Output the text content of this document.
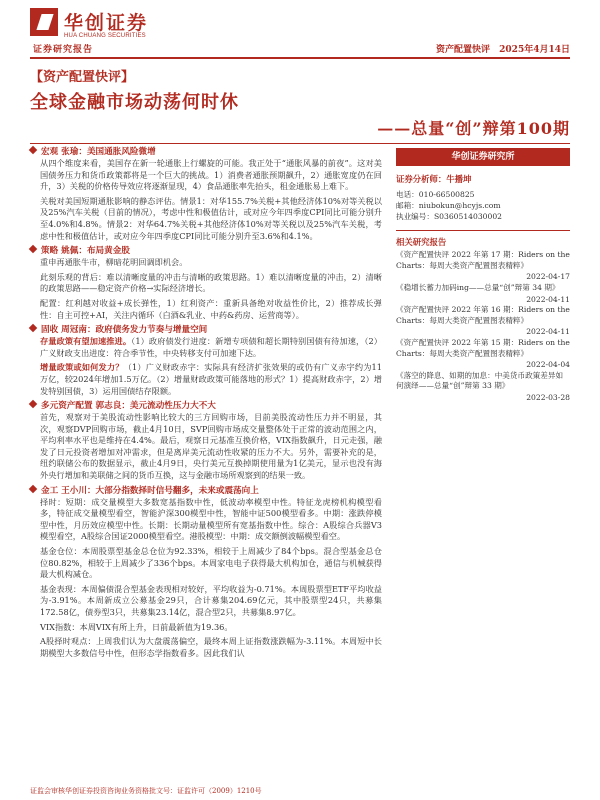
华创证券
HUA CHUANG SECURITIES
证券研究报告	资产配置快评 2025年4月14日
【资产配置快评】
全球金融市场动荡何时休
——总量“创”辩第100期
宏观 张瑜：美国通胀风险微增

从四个维度来看，美国存在新一轮通胀上行螺旋的可能。我正处于“通胀风暴的前夜”。这对美国债务压力和货币政策都将是一个巨大的挑战。1）消费者通胀预期飙升，2）通胀宽度仍在回升，3）关税的价格传导效应将逐渐显现，4）食品通胀率先抬头，租金通胀易上难下。

关税对美国短期通胀影响的静态评估。情景1：对华155.7%关税+其他经济体10%对等关税以及25%汽车关税（目前的情况），考虑中性和极值估计，或对应今年四季度CPI同比可能分别升至4.0%和4.8%。情景2：对华64.7%关税+其他经济体10%对等关税以及25%汽车关税，考虑中性和极值估计，或对应今年四季度CPI同比可能分别升至3.6%和4.1%。

策略 姚佩：布局黄金股

重申再通胀牛市，柳暗花明回调即机会。

此刻乐观的背后：难以清晰度量的冲击与清晰的政策思路。1）难以清晰度量的冲击，2）清晰的政策思路——稳定资产价格→实际经济增长。

配置：红利越对收益+成长弹性，1）红利资产：重新具备绝对收益性价比，2）推荐成长弹性：自主可控+AI，关注内循环（白酒&乳业、中药&药房、运营商等）。

固收 周冠南：政府债务发力节奏与增量空间

存量政策有望加速推进。（1）政府债发行进度：新增专项债和超长期特别国债有待加速，（2）广义财政支出进度：符合季节性，中央转移支付可加速下达。

增量政策或如何发力？（1）广义财政赤字：实际具有经济扩张效果的或仍有广义赤字约为11万亿，较2024年增加1.5万亿。（2）增量财政政策可能落地的形式？1）提高财政赤字，2）增发特别国债，3）运用国债结存限额。

多元资产配置 郭志良：美元流动性压力大不大

首先，观察对于美股流动性影响比较大的三方回购市场，目前美股流动性压力并不明显，其次，观察DVP回购市场，截止4月10日，SVP回购市场成交量整体处于正常的波动范围之内，平均利率水平也是维持在4.4%。最后，观察日元基准互换价格，VIX指数飙升，日元走强，融发了日元投资者增加对冲需求，但是离岸美元流动性收紧的压力不大。另外，需要补充的是，纽约联储公布的数据显示，截止4月9日，央行美元互换掉期使用量为1亿美元，显示也没有海外央行增加和美联储之间的货币互换，这与金融市场所观察到的结果一致。

金工 王小川：大部分指数择时信号翻多，未来或震荡向上

择时：短期：成交量模型大多数宽基指数中性，低波动率模型中性。特征龙虎榜机构模型看多，特征成交量模型看空，智能沪深300模型中性，智能中证500模型看多。中期：涨跌停模型中性，月历效应模型中性。长期：长期动量模型所有宽基指数中性。综合：A股综合兵器V3模型看空，A股综合国证2000模型看空。港股模型：中期：成交额倒波幅模型看空。

基金仓位：本周股票型基金总仓位为92.33%，相较于上周减少了84个bps。混合型基金总仓位80.82%，相较于上周减少了336个bps。本周家电电子获得最大机构加仓，通信与机械获得最大机构减仓。

基金表现：本周偏债混合型基金表现相对较好，平均收益为-0.71%。本周股票型ETF平均收益为-3.91%。本周新成立公募基金29只，合计募集204.69亿元，其中股票型24只，共募集172.58亿，债券型3只，共募集23.14亿，混合型2只，共募集8.97亿。

VIX指数：本周VIX有所上升，日前最新值为19.36。

A股择时观点：上周我们认为大盘震荡偏空，最终本周上证指数涨跌幅为-3.11%。本周短中长期模型大多数信号中性，但形态学指数看多。因此我们认

华创证券研究所
证券分析师：牛播坤
电话：010-66500825
邮箱：niubokun@hcyjs.com
执业编号：S0360514030002
相关研究报告
《资产配置快评 2022 年第 17 期：Riders on the Charts：每周大类资产配置图表精粹》
2022-04-17
《稳增长蓄力加码ing——总量“创”辩第 34 期》
2022-04-11
《资产配置快评 2022 年第 16 期：Riders on the Charts：每周大类资产配置图表精粹》
2022-04-11
《资产配置快评 2022 年第 15 期：Riders on the Charts：每周大类资产配置图表精粹》
2022-04-04
《落空的降息、如期的加息：中美货币政策差异如何演绎——总量“创”辩第 33 期》
2022-03-28
证监会审核华创证券投资咨询业务资格批文号：证监许可（2009）1210号
